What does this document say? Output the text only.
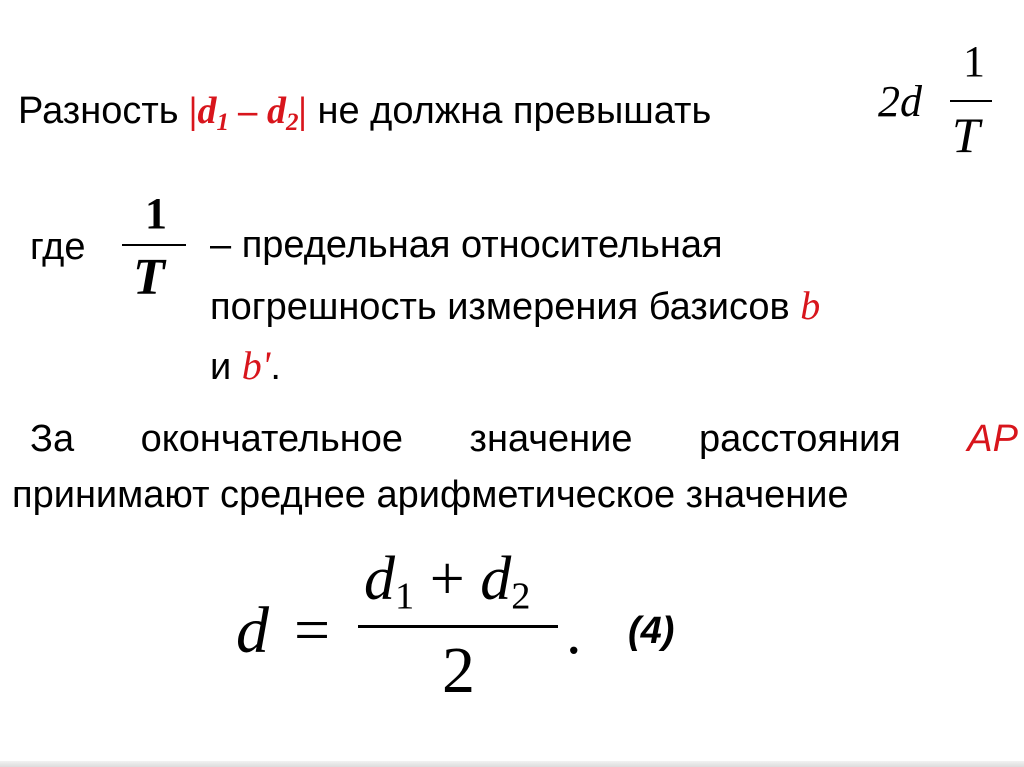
Разность $|d_1 - d_2|$ не должна превышать	2d
1
T
где
1
T
– предельная относительная
погрешность измерения базисов b
и b'.
За окончательное значение расстояния AP
принимают среднее арифметическое значение
d =
d1 + d2
2
. (4)
